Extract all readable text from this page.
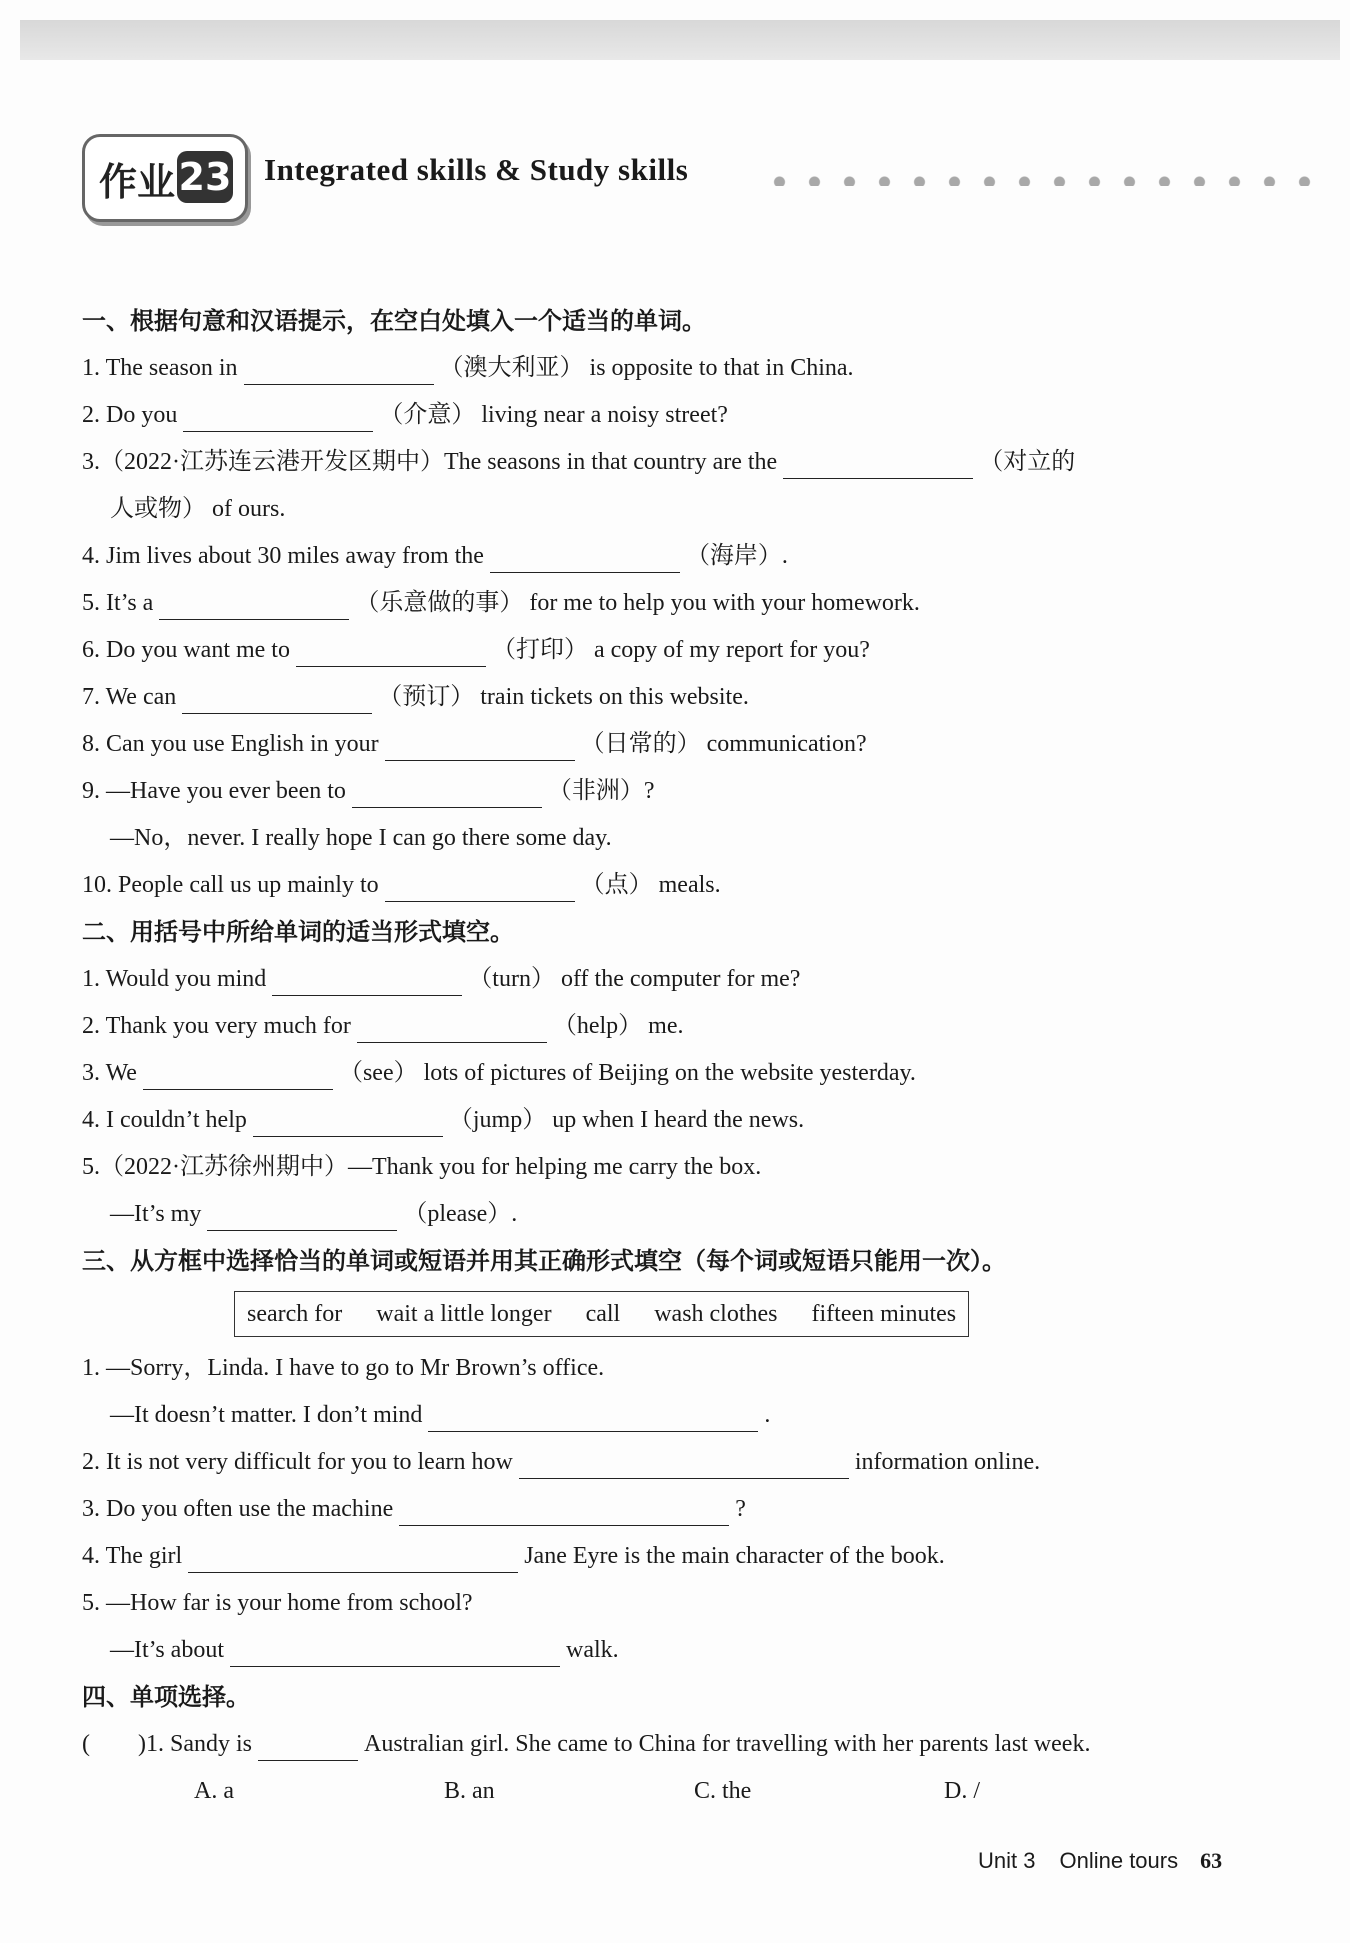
作业 23 Integrated skills & Study skills
一、根据句意和汉语提示，在空白处填入一个适当的单词。
1. The season in	（澳大利亚） is opposite to that in China.
2. Do you	（介意） living near a noisy street?
3.（2022·江苏连云港开发区期中）The seasons in that country are the	（对立的
人或物） of ours.
4. Jim lives about 30 miles away from the	（海岸）.
5. It’s a	（乐意做的事） for me to help you with your homework.
6. Do you want me to	（打印） a copy of my report for you?
7. We can	（预订） train tickets on this website.
8. Can you use English in your	（日常的） communication?
9. —Have you ever been to	（非洲）?
—No，never. I really hope I can go there some day.
10. People call us up mainly to	（点） meals.
二、用括号中所给单词的适当形式填空。
1. Would you mind	（turn） off the computer for me?
2. Thank you very much for	（help） me.
3. We	（see） lots of pictures of Beijing on the website yesterday.
4. I couldn’t help	（jump） up when I heard the news.
5.（2022·江苏徐州期中）—Thank you for helping me carry the box.
—It’s my	（please）.
三、从方框中选择恰当的单词或短语并用其正确形式填空（每个词或短语只能用一次）。
search for wait a little longer call wash clothes fifteen minutes
1. —Sorry，Linda. I have to go to Mr Brown’s office.
—It doesn’t matter. I don’t mind	.
2. It is not very difficult for you to learn how	information online.
3. Do you often use the machine	?
4. The girl	Jane Eyre is the main character of the book.
5. —How far is your home from school?
—It’s about	walk.
四、单项选择。
(　　)1. Sandy is	Australian girl. She came to China for travelling with her parents last week.
A. a	B. an	C. the	D. /
Unit 3 Online tours 63
